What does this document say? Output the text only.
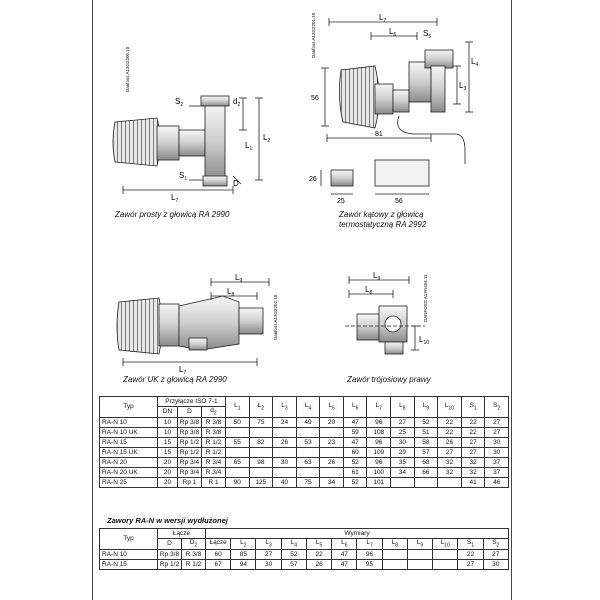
$S_2$	$d_2$
$L_1$
$L_2$
$S_1$	D
$L_7$
Danfoss A13G2200.10
$L_7$
$L_6$	$S_5$
$L_3$
$L_4$
56
81
26
25	56
Danfoss A13G2201.10
$L_9$
$L_8$
$L_7$
Danfoss A13G2202.10
$L_9$
$L_8$
$L_{10}$
DANFOSS A13G454.11
Zawór prosty z głowicą RA 2990	Zawór kątowy z głowicą
termostatyczną RA 2992
Zawór UK z głowicą RA 2990	Zawór trójosiowy prawy
Typ	Przyłącze ISO 7-1			$L_1$	$L_2$	$L_3$	$L_4$	$L_5$	$L_6$	$L_7$	$L_8$	$L_9$	$L_{10}$	$S_1$	$S_2$
	DN	D	$d_2$
RA-N 10	10	Rp 3/8	R 3/8	50	75	24	49	20	47	96	27	52	22	22	27
RA-N 10 UK	10	Rp 3/8	R 3/8						59	108	25	51	22	22	27
RA-N 15	15	Rp 1/2	R 1/2	55	82	26	53	23	47	96	30	58	26	27	30
RA-N 15 UK	15	Rp 1/2	R 1/2						60	109	29	57	27	27	30
RA-N 20	20	Rp 3/4	R 3/4	65	98	30	63	26	52	96	35	68	32	32	37
RA-N 20 UK	20	Rp 3/4	R 3/4						61	100	34	66	32	32	37
RA-N 25	20	Rp 1	R 1	90	125	40	75	34	52	101				41	46
Zawory RA-N w wersji wydłużonej
Typ	Łącze		Wymiary											
	D	$D_2$	Łącze	$L_2$	$L_3$	$L_4$	$L_5$	$L_6$	$L_7$	$L_8$	$L_9$	$L_{10}$	$S_1$	$S_2$
RA-N 10	Rp 3/8	R 3/8	60	85	27	52	22	47	96				22	27
RA-N 15	Rp 1/2	R 1/2	67	94	30	57	26	47	95				27	30
